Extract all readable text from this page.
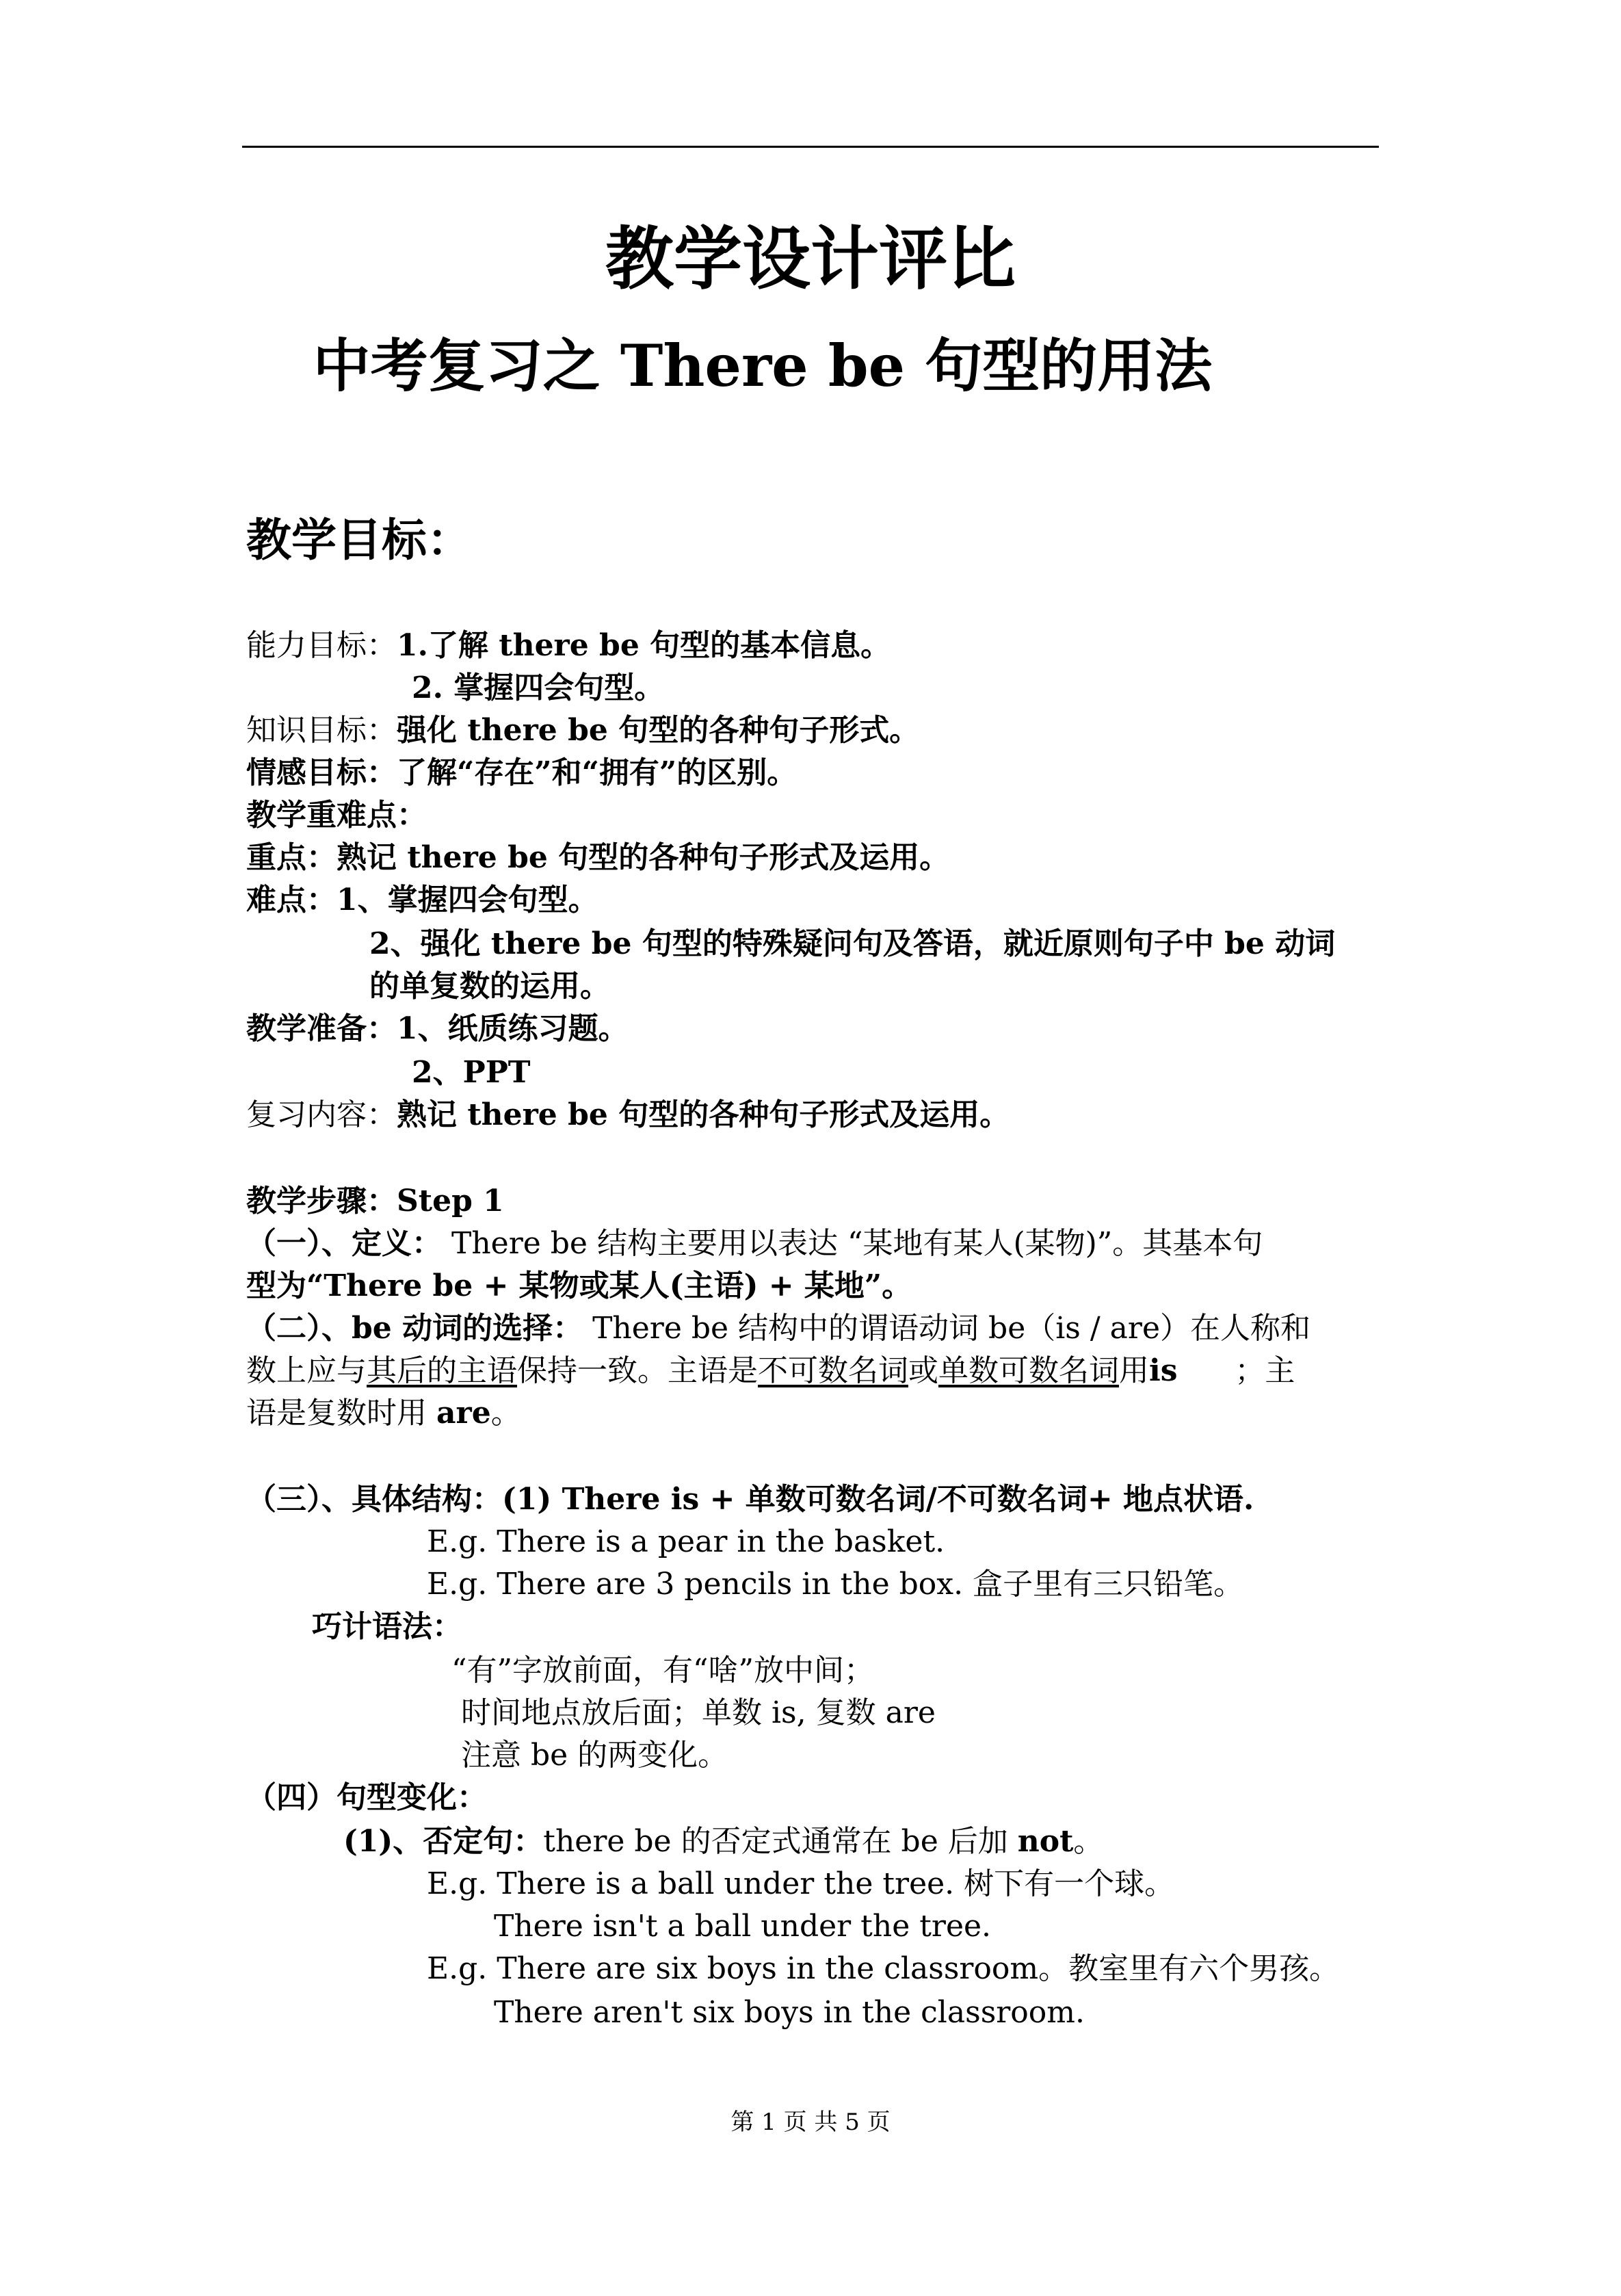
教学设计评比
中考复习之 There be 句型的用法
教学目标：
能力目标：1.了解 there be 句型的基本信息。
2. 掌握四会句型。
知识目标：强化 there be 句型的各种句子形式。
情感目标：了解“存在”和“拥有”的区别。
教学重难点：
重点：熟记 there be 句型的各种句子形式及运用。
难点：1、掌握四会句型。
2、强化 there be 句型的特殊疑问句及答语，就近原则句子中 be 动词
的单复数的运用。
教学准备：1、纸质练习题。
2、PPT
复习内容：熟记 there be 句型的各种句子形式及运用。
教学步骤：Step 1
（一）、定义： There be 结构主要用以表达 “某地有某人(某物)”。其基本句
型为“There be + 某物或某人(主语) + 某地”。
（二）、be 动词的选择： There be 结构中的谓语动词 be（is / are）在人称和
数上应与其后的主语保持一致。主语是不可数名词或单数可数名词用is      ；主
语是复数时用 are。
（三）、具体结构：(1) There is + 单数可数名词/不可数名词+ 地点状语.
E.g. There is a pear in the basket.
E.g. There are 3 pencils in the box. 盒子里有三只铅笔。
巧计语法：
“有”字放前面，有“啥”放中间；
时间地点放后面；单数 is, 复数 are
注意 be 的两变化。
（四）句型变化：
(1)、否定句：there be 的否定式通常在 be 后加 not。
E.g. There is a ball under the tree. 树下有一个球。
There isn't a ball under the tree.
E.g. There are six boys in the classroom。教室里有六个男孩。
There aren't six boys in the classroom.
第 1 页 共 5 页
